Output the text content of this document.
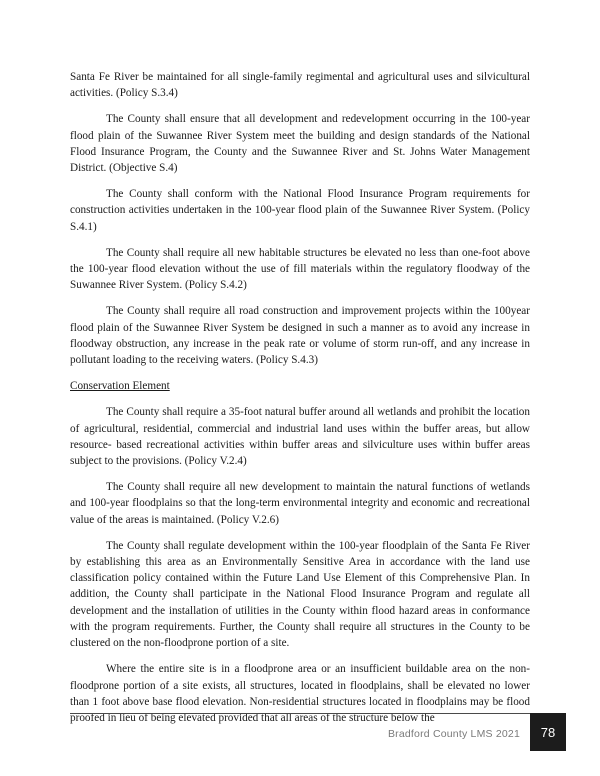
Santa Fe River be maintained for all single-family regimental and agricultural uses and silvicultural activities. (Policy S.3.4)

The County shall ensure that all development and redevelopment occurring in the 100-year flood plain of the Suwannee River System meet the building and design standards of the National Flood Insurance Program, the County and the Suwannee River and St. Johns Water Management District. (Objective S.4)

The County shall conform with the National Flood Insurance Program requirements for construction activities undertaken in the 100-year flood plain of the Suwannee River System. (Policy S.4.1)

The County shall require all new habitable structures be elevated no less than one-foot above the 100-year flood elevation without the use of fill materials within the regulatory floodway of the Suwannee River System. (Policy S.4.2)

The County shall require all road construction and improvement projects within the 100year flood plain of the Suwannee River System be designed in such a manner as to avoid any increase in floodway obstruction, any increase in the peak rate or volume of storm run-off, and any increase in pollutant loading to the receiving waters. (Policy S.4.3)

Conservation Element

The County shall require a 35-foot natural buffer around all wetlands and prohibit the location of agricultural, residential, commercial and industrial land uses within the buffer areas, but allow resource- based recreational activities within buffer areas and silviculture uses within buffer areas subject to the provisions. (Policy V.2.4)

The County shall require all new development to maintain the natural functions of wetlands and 100-year floodplains so that the long-term environmental integrity and economic and recreational value of the areas is maintained. (Policy V.2.6)

The County shall regulate development within the 100-year floodplain of the Santa Fe River by establishing this area as an Environmentally Sensitive Area in accordance with the land use classification policy contained within the Future Land Use Element of this Comprehensive Plan. In addition, the County shall participate in the National Flood Insurance Program and regulate all development and the installation of utilities in the County within flood hazard areas in conformance with the program requirements. Further, the County shall require all structures in the County to be clustered on the non-floodprone portion of a site.

Where the entire site is in a floodprone area or an insufficient buildable area on the non-floodprone portion of a site exists, all structures, located in floodplains, shall be elevated no lower than 1 foot above base flood elevation. Non-residential structures located in floodplains may be flood proofed in lieu of being elevated provided that all areas of the structure below the

Bradford County LMS 2021 78
